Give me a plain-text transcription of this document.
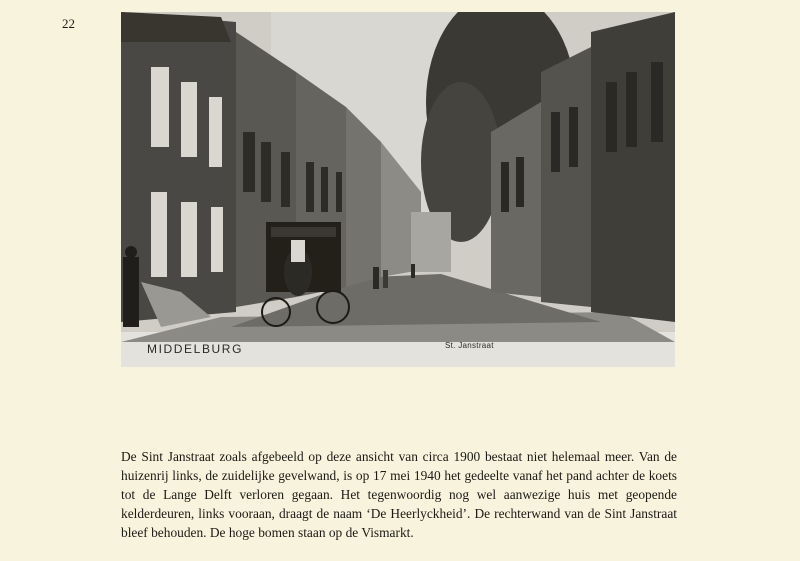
22
MIDDELBURG	St. Janstraat

De Sint Janstraat zoals afgebeeld op deze ansicht van circa 1900 bestaat niet helemaal meer. Van de huizenrij links, de zuidelijke gevelwand, is op 17 mei 1940 het gedeelte vanaf het pand achter de koets tot de Lange Delft verloren gegaan. Het tegenwoordig nog wel aanwezige huis met geopende kelderdeuren, links vooraan, draagt de naam ‘De Heerlyckheid’. De rechterwand van de Sint Janstraat bleef behouden. De hoge bomen staan op de Vismarkt.
